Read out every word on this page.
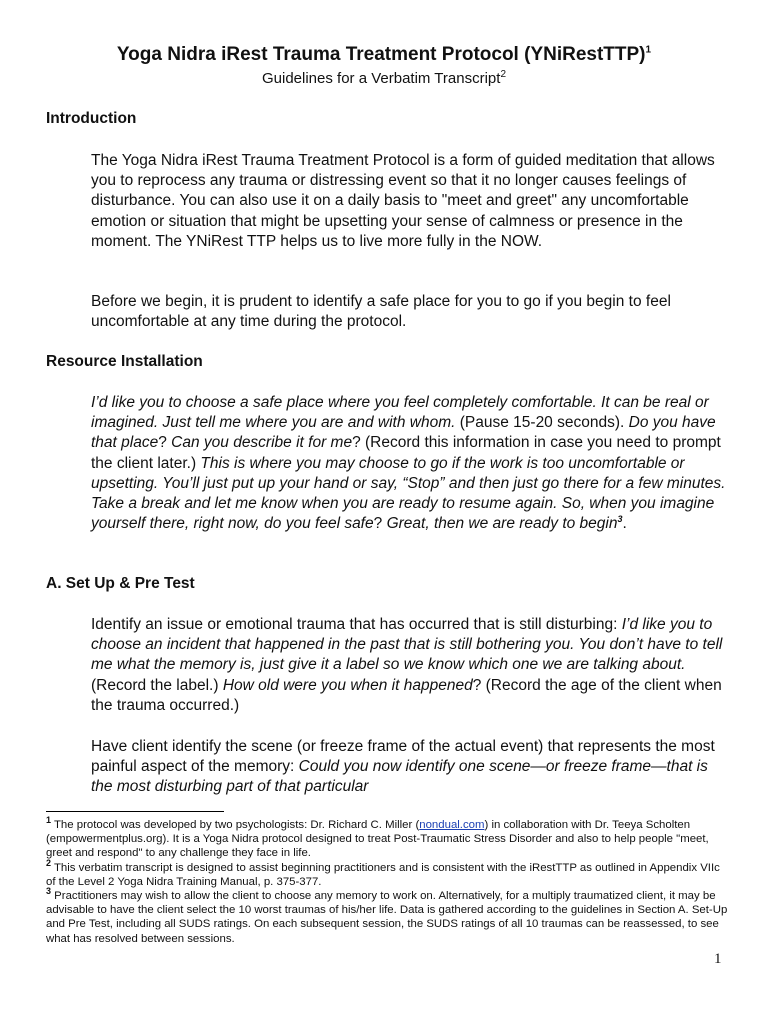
Yoga Nidra iRest Trauma Treatment Protocol (YNiRestTTP)$^1$
Guidelines for a Verbatim Transcript$^2$
Introduction
The Yoga Nidra iRest Trauma Treatment Protocol is a form of guided meditation that allows you to reprocess any trauma or distressing event so that it no longer causes feelings of disturbance. You can also use it on a daily basis to "meet and greet" any uncomfortable emotion or situation that might be upsetting your sense of calmness or presence in the moment. The YNiRest TTP helps us to live more fully in the NOW.
Before we begin, it is prudent to identify a safe place for you to go if you begin to feel uncomfortable at any time during the protocol.
Resource Installation
I’d like you to choose a safe place where you feel completely comfortable. It can be real or imagined. Just tell me where you are and with whom. (Pause 15-20 seconds). Do you have that place? Can you describe it for me? (Record this information in case you need to prompt the client later.) This is where you may choose to go if the work is too uncomfortable or upsetting. You’ll just put up your hand or say, “Stop” and then just go there for a few minutes. Take a break and let me know when you are ready to resume again. So, when you imagine yourself there, right now, do you feel safe? Great, then we are ready to begin$^3$.
A. Set Up & Pre Test
Identify an issue or emotional trauma that has occurred that is still disturbing: I’d like you to choose an incident that happened in the past that is still bothering you. You don’t have to tell me what the memory is, just give it a label so we know which one we are talking about. (Record the label.) How old were you when it happened? (Record the age of the client when the trauma occurred.)
Have client identify the scene (or freeze frame of the actual event) that represents the most painful aspect of the memory: Could you now identify one scene—or freeze frame—that is the most disturbing part of that particular
$^1$ The protocol was developed by two psychologists: Dr. Richard C. Miller (nondual.com) in collaboration with Dr. Teeya Scholten (empowermentplus.org). It is a Yoga Nidra protocol designed to treat Post-Traumatic Stress Disorder and also to help people "meet, greet and respond" to any challenge they face in life.
$^2$ This verbatim transcript is designed to assist beginning practitioners and is consistent with the iRestTTP as outlined in Appendix VIIc of the Level 2 Yoga Nidra Training Manual, p. 375-377.
$^3$ Practitioners may wish to allow the client to choose any memory to work on. Alternatively, for a multiply traumatized client, it may be advisable to have the client select the 10 worst traumas of his/her life. Data is gathered according to the guidelines in Section A. Set-Up and Pre Test, including all SUDS ratings. On each subsequent session, the SUDS ratings of all 10 traumas can be reassessed, to see what has resolved between sessions.
1
